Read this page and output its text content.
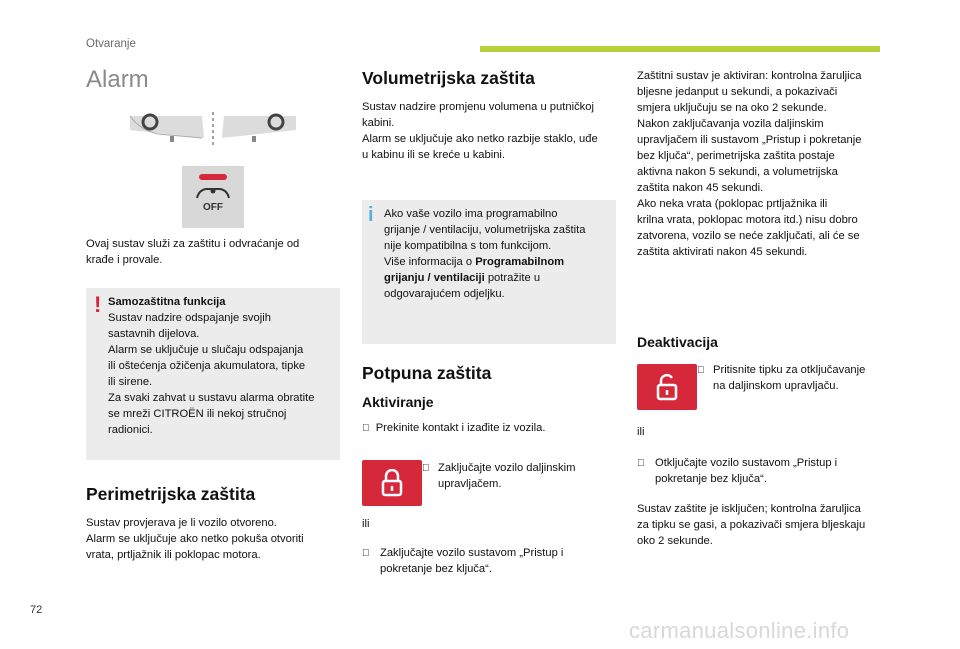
Otvaranje
Alarm
OFF
Ovaj sustav služi za zaštitu i odvraćanje od
krađe i provale.
! Samozaštitna funkcija
Sustav nadzire odspajanje svojih
sastavnih dijelova.
Alarm se uključuje u slučaju odspajanja
ili oštećenja ožičenja akumulatora, tipke
ili sirene.
Za svaki zahvat u sustavu alarma obratite
se mreži CITROËN ili nekoj stručnoj
radionici.
Perimetrijska zaštita
Sustav provjerava je li vozilo otvoreno.
Alarm se uključuje ako netko pokuša otvoriti
vrata, prtljažnik ili poklopac motora.
Volumetrijska zaštita
Sustav nadzire promjenu volumena u putničkoj
kabini.
Alarm se uključuje ako netko razbije staklo, uđe
u kabinu ili se kreće u kabini.
i Ako vaše vozilo ima programabilno
grijanje / ventilaciju, volumetrijska zaštita
nije kompatibilna s tom funkcijom.
Više informacija o Programabilnom
grijanju / ventilaciji potražite u
odgovarajućem odjeljku.
Potpuna zaštita
Aktiviranje
Prekinite kontakt i izađite iz vozila.

Zaključajte vozilo daljinskim
upravljačem.
ili
Zaključajte vozilo sustavom „Pristup i
pokretanje bez ključa“.
Zaštitni sustav je aktiviran: kontrolna žaruljica
bljesne jedanput u sekundi, a pokazivači
smjera uključuju se na oko 2 sekunde.
Nakon zaključavanja vozila daljinskim
upravljačem ili sustavom „Pristup i pokretanje
bez ključa“, perimetrijska zaštita postaje
aktivna nakon 5 sekundi, a volumetrijska
zaštita nakon 45 sekundi.
Ako neka vrata (poklopac prtljažnika ili
krilna vrata, poklopac motora itd.) nisu dobro
zatvorena, vozilo se neće zaključati, ali će se
zaštita aktivirati nakon 45 sekundi.
Deaktivacija
Pritisnite tipku za otključavanje
na daljinskom upravljaču.
ili
Otključajte vozilo sustavom „Pristup i
pokretanje bez ključa“.
Sustav zaštite je isključen; kontrolna žaruljica
za tipku se gasi, a pokazivači smjera bljeskaju
oko 2 sekunde.
72
carmanualsonline.info
